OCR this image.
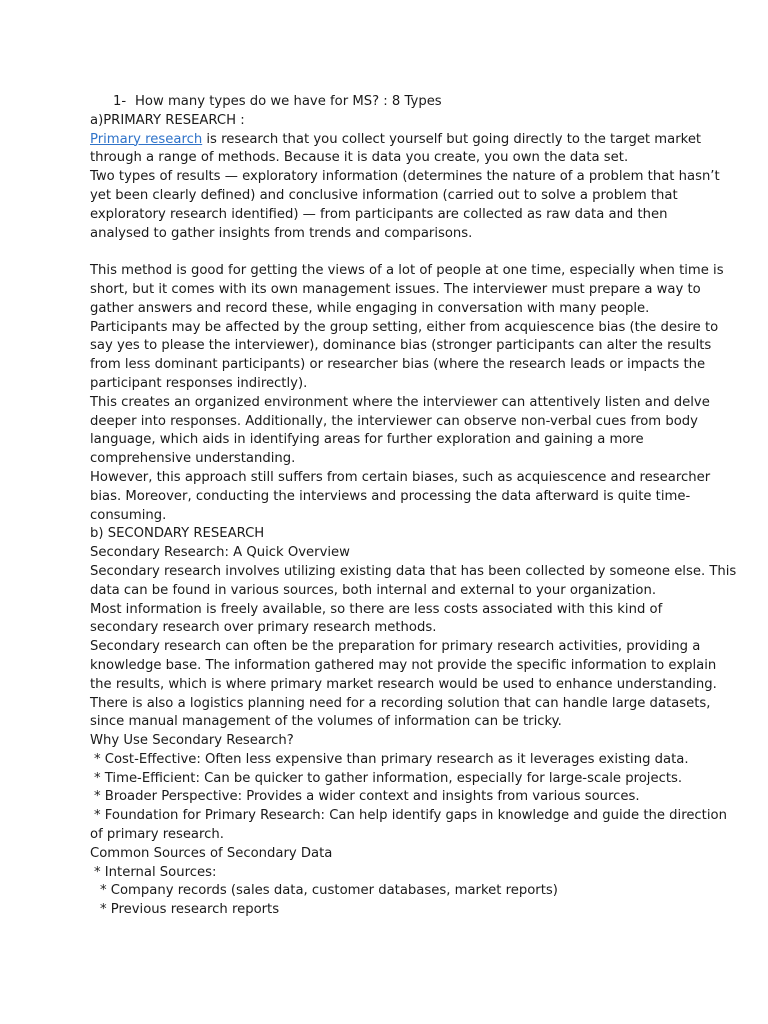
1- How many types do we have for MS? : 8 Types
a)PRIMARY RESEARCH :
Primary research is research that you collect yourself but going directly to the target market
through a range of methods. Because it is data you create, you own the data set.
Two types of results — exploratory information (determines the nature of a problem that hasn’t
yet been clearly defined) and conclusive information (carried out to solve a problem that
exploratory research identified) — from participants are collected as raw data and then
analysed to gather insights from trends and comparisons.
This method is good for getting the views of a lot of people at one time, especially when time is
short, but it comes with its own management issues. The interviewer must prepare a way to
gather answers and record these, while engaging in conversation with many people.
Participants may be affected by the group setting, either from acquiescence bias (the desire to
say yes to please the interviewer), dominance bias (stronger participants can alter the results
from less dominant participants) or researcher bias (where the research leads or impacts the
participant responses indirectly).
This creates an organized environment where the interviewer can attentively listen and delve
deeper into responses. Additionally, the interviewer can observe non-verbal cues from body
language, which aids in identifying areas for further exploration and gaining a more
comprehensive understanding.
However, this approach still suffers from certain biases, such as acquiescence and researcher
bias. Moreover, conducting the interviews and processing the data afterward is quite time-
consuming.
b) SECONDARY RESEARCH
Secondary Research: A Quick Overview
Secondary research involves utilizing existing data that has been collected by someone else. This
data can be found in various sources, both internal and external to your organization.
Most information is freely available, so there are less costs associated with this kind of
secondary research over primary research methods.
Secondary research can often be the preparation for primary research activities, providing a
knowledge base. The information gathered may not provide the specific information to explain
the results, which is where primary market research would be used to enhance understanding.
There is also a logistics planning need for a recording solution that can handle large datasets,
since manual management of the volumes of information can be tricky.
Why Use Secondary Research?
* Cost-Effective: Often less expensive than primary research as it leverages existing data.
* Time-Efficient: Can be quicker to gather information, especially for large-scale projects.
* Broader Perspective: Provides a wider context and insights from various sources.
* Foundation for Primary Research: Can help identify gaps in knowledge and guide the direction
of primary research.
Common Sources of Secondary Data
* Internal Sources:
* Company records (sales data, customer databases, market reports)
* Previous research reports
